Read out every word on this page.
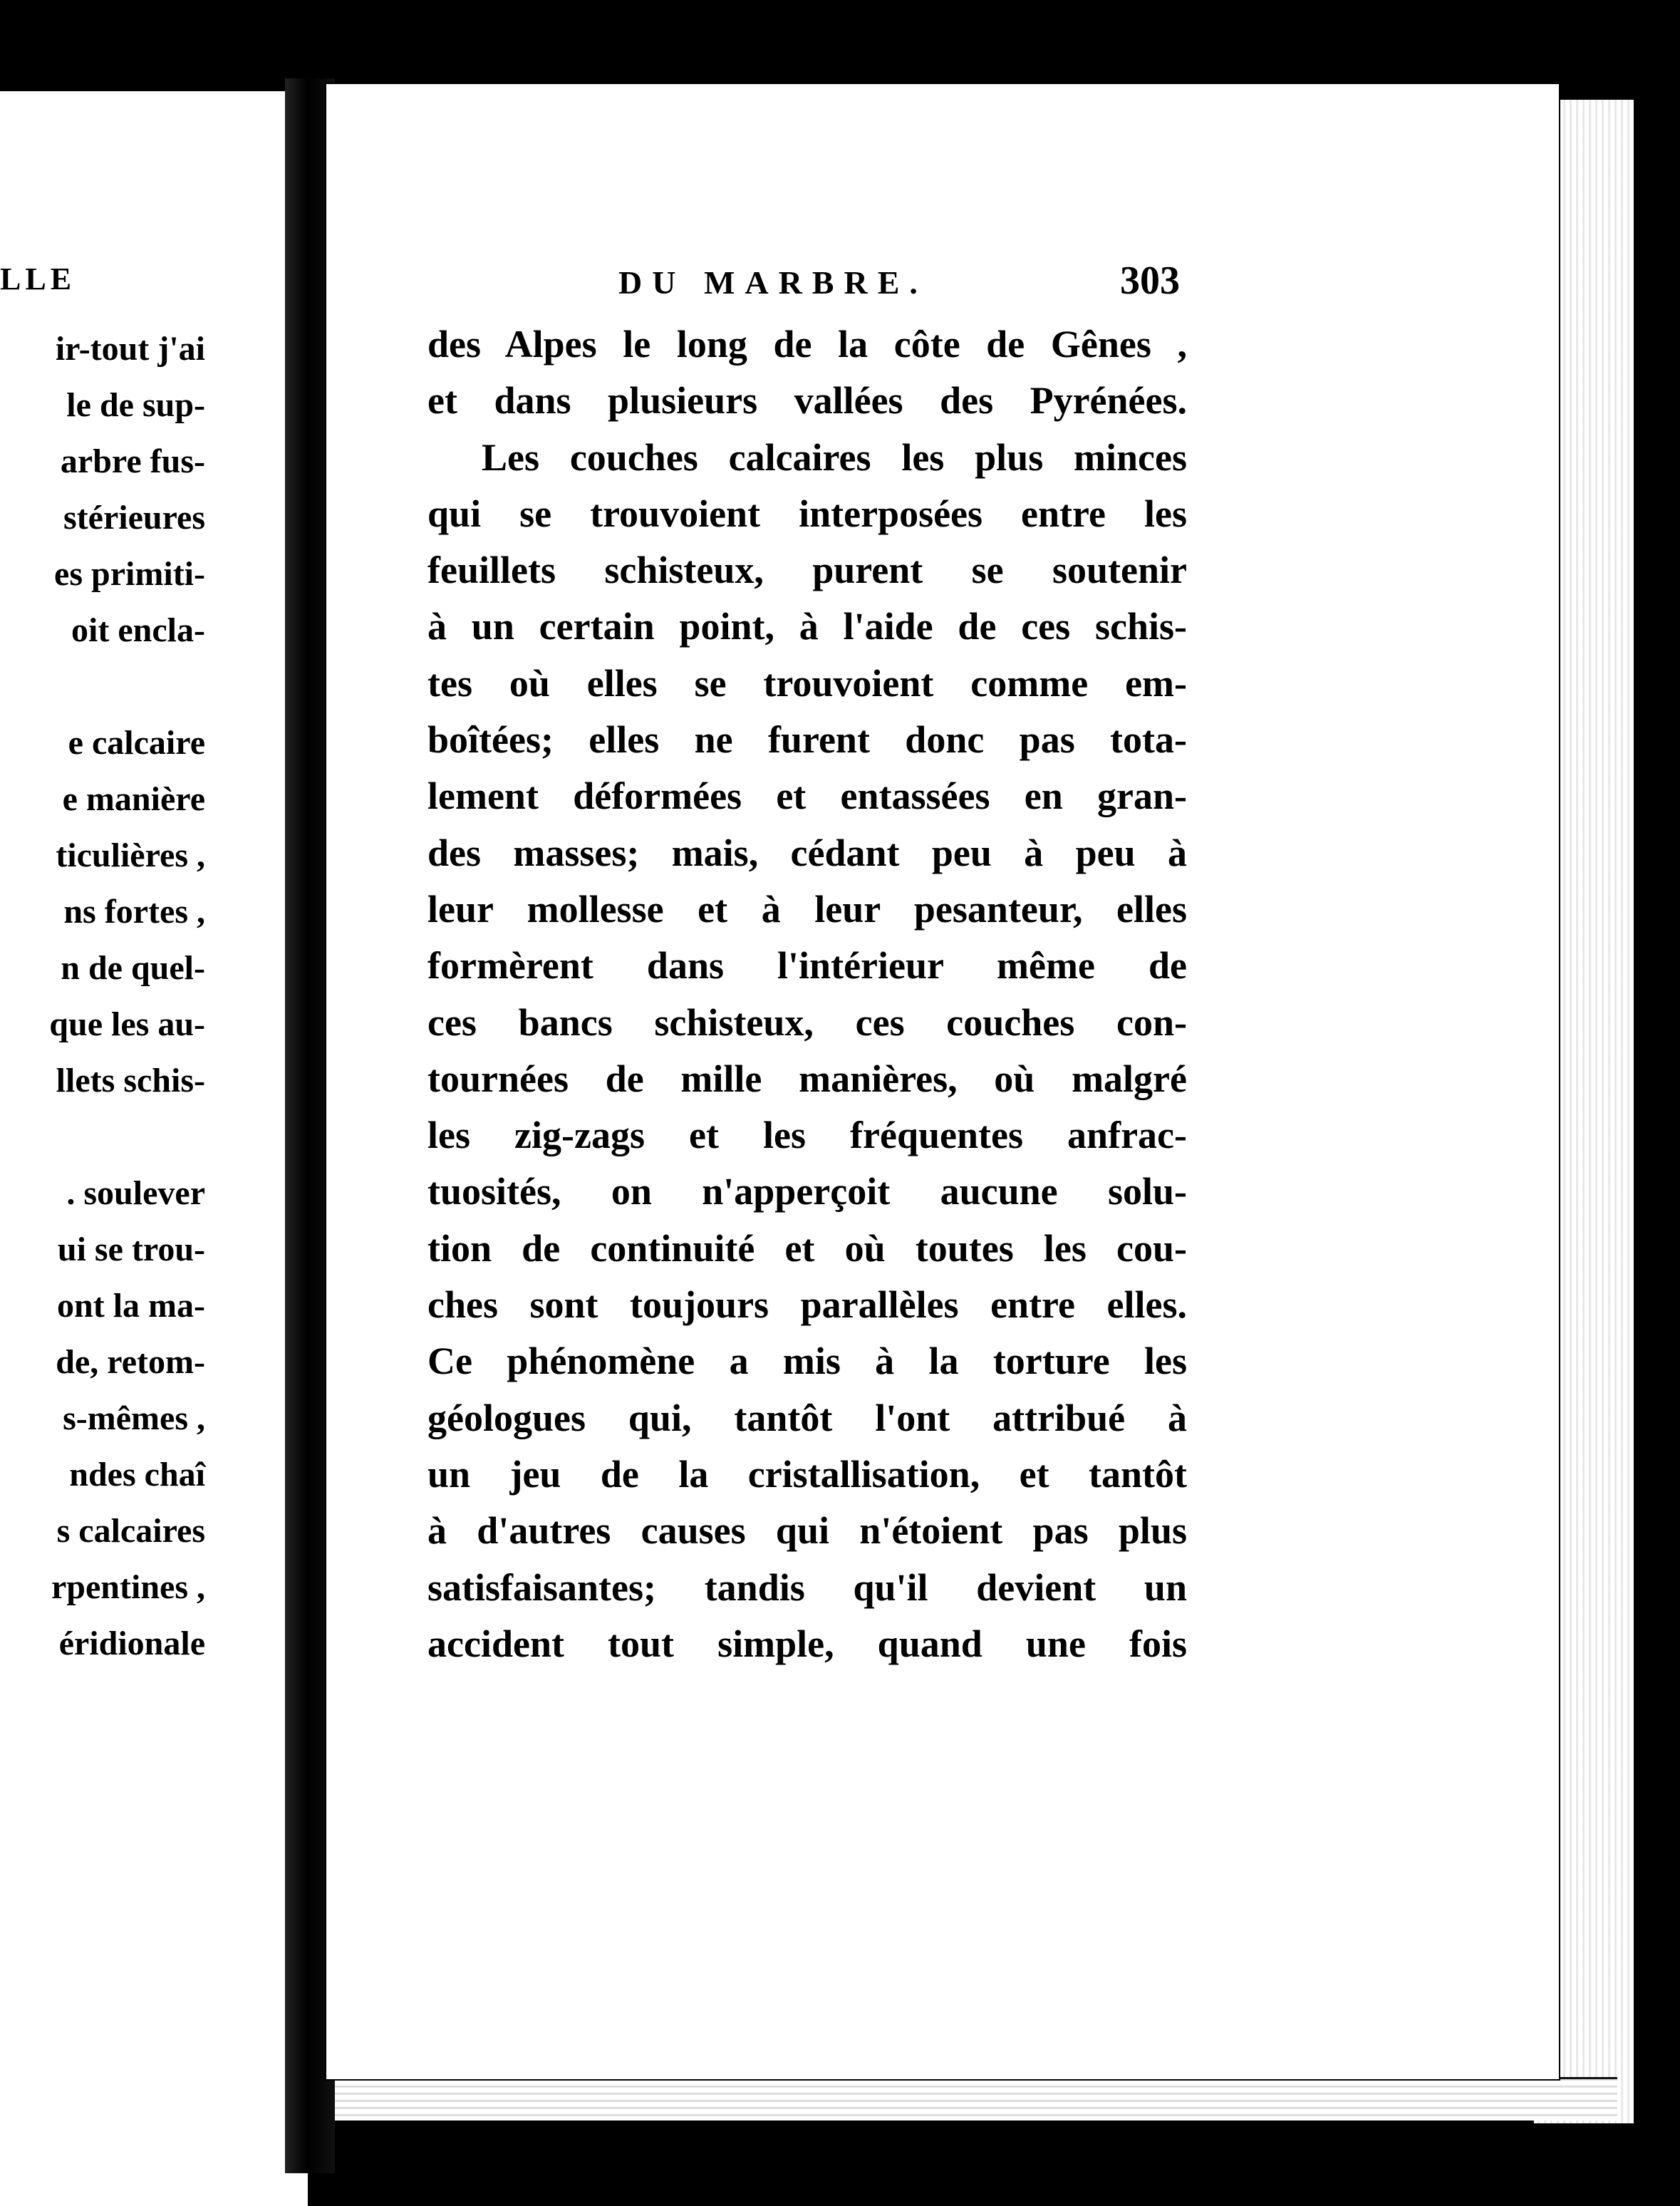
LLE
ir-tout j'ai
le de sup-
arbre fus-
stérieures
es primiti-
oit encla-
e calcaire
e manière
ticulières ,
ns fortes ,
n de quel-
que les au-
llets schis-
. soulever
ui se trou-
ont la ma-
de, retom-
s-mêmes ,
ndes chaî
s calcaires
rpentines ,
éridionale
DU MARBRE.	303
des Alpes le long de la côte de Gênes ,
et dans plusieurs vallées des Pyrénées.
Les couches calcaires les plus minces
qui se trouvoient interposées entre les
feuillets schisteux, purent se soutenir
à un certain point, à l'aide de ces schis-
tes où elles se trouvoient comme em-
boîtées; elles ne furent donc pas tota-
lement déformées et entassées en gran-
des masses; mais, cédant peu à peu à
leur mollesse et à leur pesanteur, elles
formèrent dans l'intérieur même de
ces bancs schisteux, ces couches con-
tournées de mille manières, où malgré
les zig-zags et les fréquentes anfrac-
tuosités, on n'apperçoit aucune solu-
tion de continuité et où toutes les cou-
ches sont toujours parallèles entre elles.
Ce phénomène a mis à la torture les
géologues qui, tantôt l'ont attribué à
un jeu de la cristallisation, et tantôt
à d'autres causes qui n'étoient pas plus
satisfaisantes; tandis qu'il devient un
accident tout simple, quand une fois
